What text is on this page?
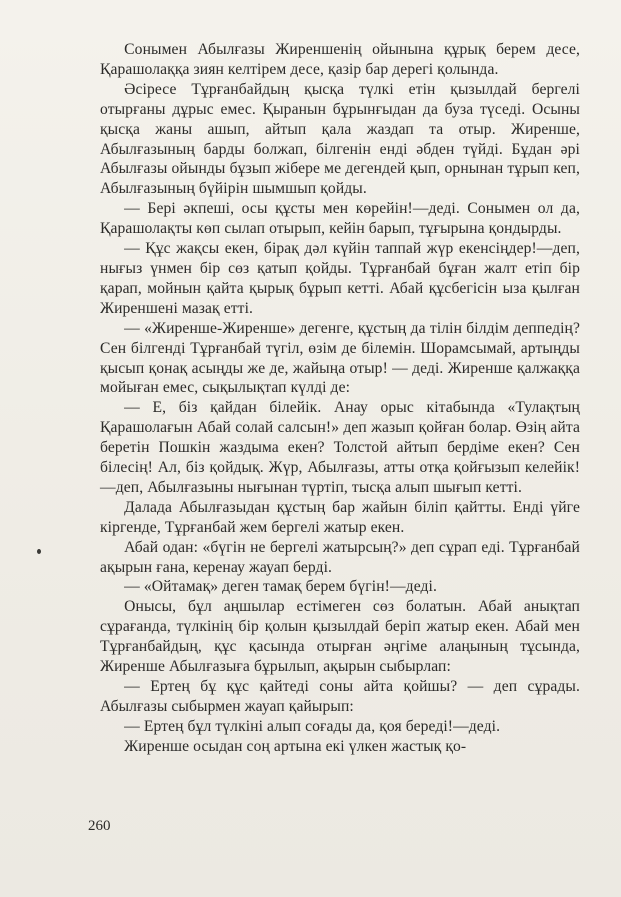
Сонымен Абылғазы Жиреншенің ойынына құрық берем десе, Қарашолаққа зиян келтірем десе, қазір бар дерегі қолында.

Әсіресе Тұрғанбайдың қысқа түлкі етін қызылдай бергелі отырғаны дұрыс емес. Қыранын бұрынғыдан да буза түседі. Осыны қысқа жаны ашып, айтып қала жаздап та отыр. Жиренше, Абылғазының барды болжап, білгенін енді әбден түйді. Бұдан әрі Абылғазы ойынды бұзып жібере ме дегендей қып, орнынан тұрып кеп, Абылғазының бүйірін шымшып қойды.

— Бері әкпеші, осы құсты мен көрейін!—деді. Сонымен ол да, Қарашолақты көп сылап отырып, кейін барып, тұғырына қондырды.

— Құс жақсы екен, бірақ дәл күйін таппай жүр екенсіңдер!—деп, нығыз үнмен бір сөз қатып қойды. Тұрғанбай бұған жалт етіп бір қарап, мойнын қайта қырық бұрып кетті. Абай құсбегісін ыза қылған Жиреншені мазақ етті.

— «Жиренше-Жиренше» дегенге, құстың да тілін білдім деппедің? Сен білгенді Тұрғанбай түгіл, өзім де білемін. Шорамсымай, артыңды қысып қонақ асыңды же де, жайыңа отыр! — деді. Жиренше қалжаққа мойыған емес, сықылықтап күлді де:

— Е, біз қайдан білейік. Анау орыс кітабында «Тулақтың Қарашолағын Абай солай салсын!» деп жазып қойған болар. Өзің айта беретін Пошкін жаздыма екен? Толстой айтып бердіме екен? Сен білесің! Ал, біз қойдық. Жүр, Абылғазы, атты отқа қойғызып келейік!—деп, Абылғазыны нығынан түртіп, тысқа алып шығып кетті.

Далада Абылғазыдан құстың бар жайын біліп қайтты. Енді үйге кіргенде, Тұрғанбай жем бергелі жатыр екен.

Абай одан: «бүгін не бергелі жатырсың?» деп сұрап еді. Тұрғанбай ақырын ғана, керенау жауап берді.

— «Ойтамақ» деген тамақ берем бүгін!—деді.

Онысы, бұл аңшылар естімеген сөз болатын. Абай анықтап сұрағанда, түлкінің бір қолын қызылдай беріп жатыр екен. Абай мен Тұрғанбайдың, құс қасында отырған әңгіме алаңының тұсында, Жиренше Абылғазыға бұрылып, ақырын сыбырлап:

— Ертең бұ құс қайтеді соны айта қойшы? — деп сұрады. Абылғазы сыбырмен жауап қайырып:

— Ертең бұл түлкіні алып соғады да, қоя береді!—деді.

Жиренше осыдан соң артына екі үлкен жастық қо-

260
